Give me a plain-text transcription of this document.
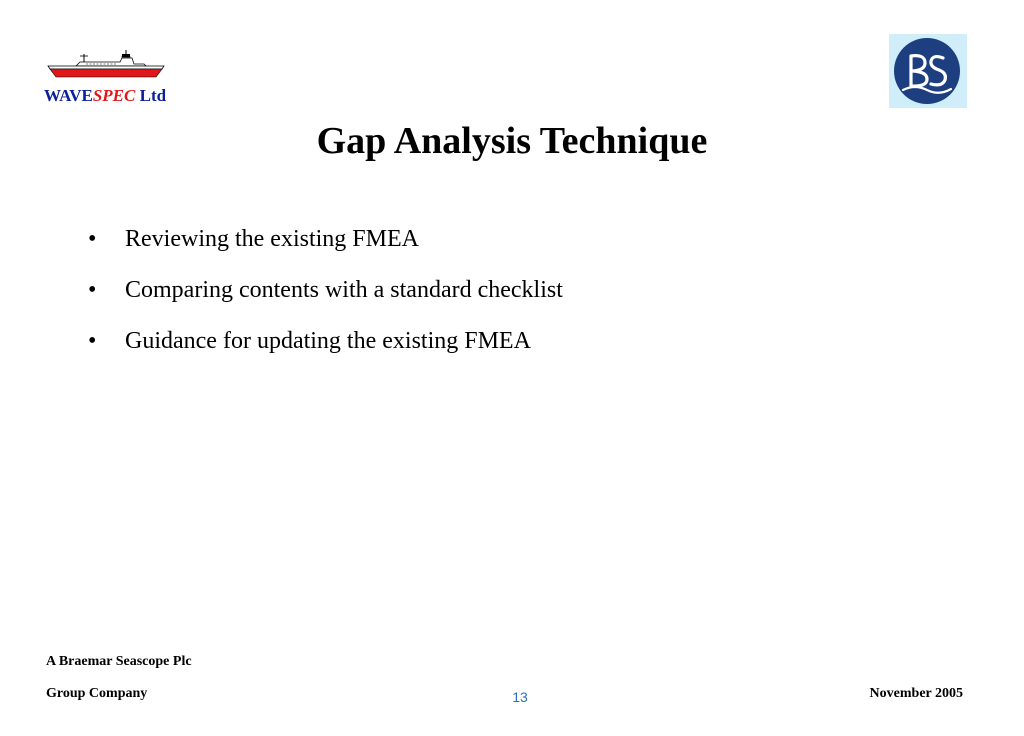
WAVESPEC Ltd
Gap Analysis Technique
•	Reviewing the existing FMEA
•	Comparing contents with a standard checklist
•	Guidance for updating the existing FMEA
A Braemar Seascope Plc
Group Company	13	November 2005
